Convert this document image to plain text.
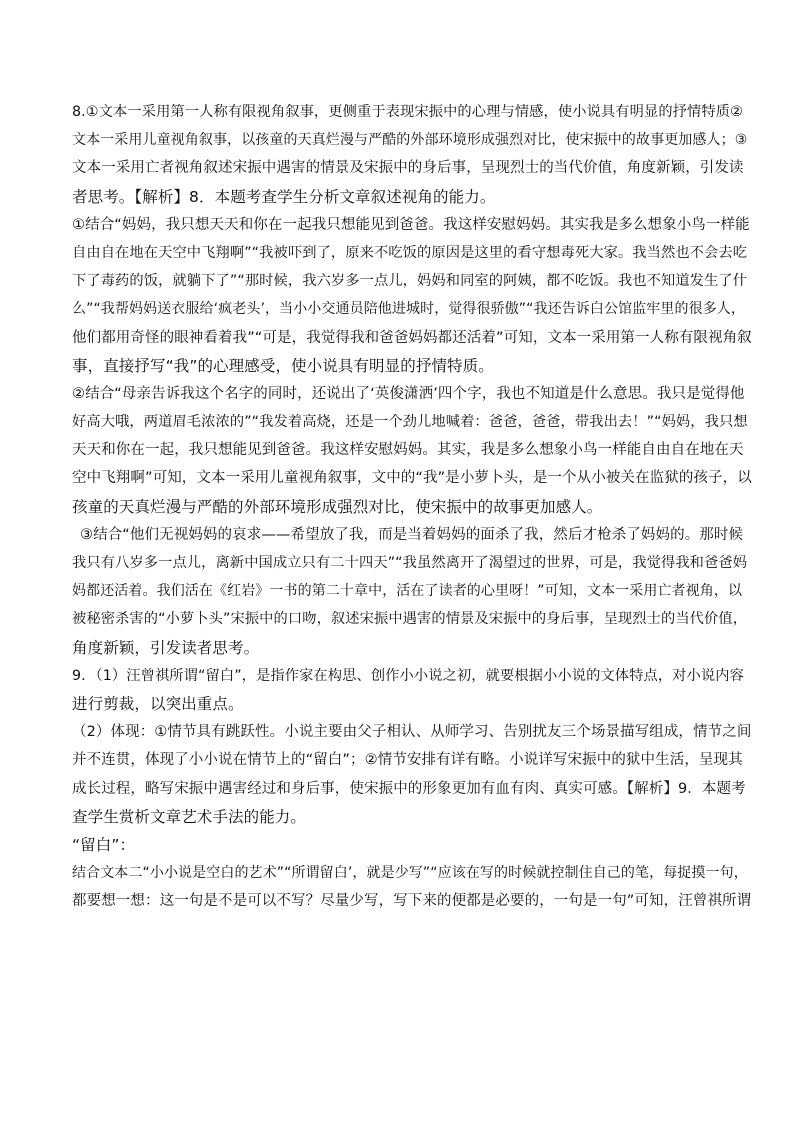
8.①文本一采用第一人称有限视角叙事，更侧重于表现宋振中的心理与情感，使小说具有明显的抒情特质②
文本一采用儿童视角叙事，以孩童的天真烂漫与严酷的外部环境形成强烈对比，使宋振中的故事更加感人；③
文本一采用亡者视角叙述宋振中遇害的情景及宋振中的身后事，呈现烈士的当代价值，角度新颖，引发读
者思考。【解析】8．本题考查学生分析文章叙述视角的能力。
①结合“妈妈，我只想天天和你在一起我只想能见到爸爸。我这样安慰妈妈。其实我是多么想象小鸟一样能
自由自在地在天空中飞翔啊”“我被吓到了，原来不吃饭的原因是这里的看守想毒死大家。我当然也不会去吃
下了毒药的饭，就躺下了”“那时候，我六岁多一点儿，妈妈和同室的阿姨，都不吃饭。我也不知道发生了什
么”“我帮妈妈送衣服给‘疯老头’，当小小交通员陪他进城时，觉得很骄傲”“我还告诉白公馆监牢里的很多人，
他们都用奇怪的眼神看着我”“可是，我觉得我和爸爸妈妈都还活着”可知，文本一采用第一人称有限视角叙
事，直接抒写“我”的心理感受，使小说具有明显的抒情特质。
②结合“母亲告诉我这个名字的同时，还说出了‘英俊潇洒’四个字，我也不知道是什么意思。我只是觉得他
好高大哦，两道眉毛浓浓的”“我发着高烧，还是一个劲儿地喊着：爸爸，爸爸，带我出去！”“妈妈，我只想
天天和你在一起，我只想能见到爸爸。我这样安慰妈妈。其实，我是多么想象小鸟一样能自由自在地在天
空中飞翔啊”可知，文本一采用儿童视角叙事，文中的“我”是小萝卜头，是一个从小被关在监狱的孩子，以
孩童的天真烂漫与严酷的外部环境形成强烈对比，使宋振中的故事更加感人。
③结合“他们无视妈妈的哀求——希望放了我，而是当着妈妈的面杀了我，然后才枪杀了妈妈的。那时候
我只有八岁多一点儿，离新中国成立只有二十四天”“我虽然离开了渴望过的世界，可是，我觉得我和爸爸妈
妈都还活着。我们活在《红岩》一书的第二十章中，活在了读者的心里呀！”可知，文本一采用亡者视角，以
被秘密杀害的“小萝卜头”宋振中的口吻，叙述宋振中遇害的情景及宋振中的身后事，呈现烈士的当代价值，
角度新颖，引发读者思考。
9．（1）汪曾祺所谓“留白”，是指作家在构思、创作小小说之初，就要根据小小说的文体特点，对小说内容
进行剪裁，以突出重点。
（2）体现：①情节具有跳跃性。小说主要由父子相认、从师学习、告别扰友三个场景描写组成，情节之间
并不连贯，体现了小小说在情节上的“留白”；②情节安排有详有略。小说详写宋振中的狱中生活，呈现其
成长过程，略写宋振中遇害经过和身后事，使宋振中的形象更加有血有肉、真实可感。【解析】9．本题考
查学生赏析文章艺术手法的能力。
“留白”：
结合文本二“小小说是空白的艺术”“所谓留白’，就是少写”“应该在写的时候就控制住自己的笔，每捉摸一句，
都要想一想：这一句是不是可以不写？尽量少写，写下来的便都是必要的，一句是一句”可知，汪曾祺所谓
